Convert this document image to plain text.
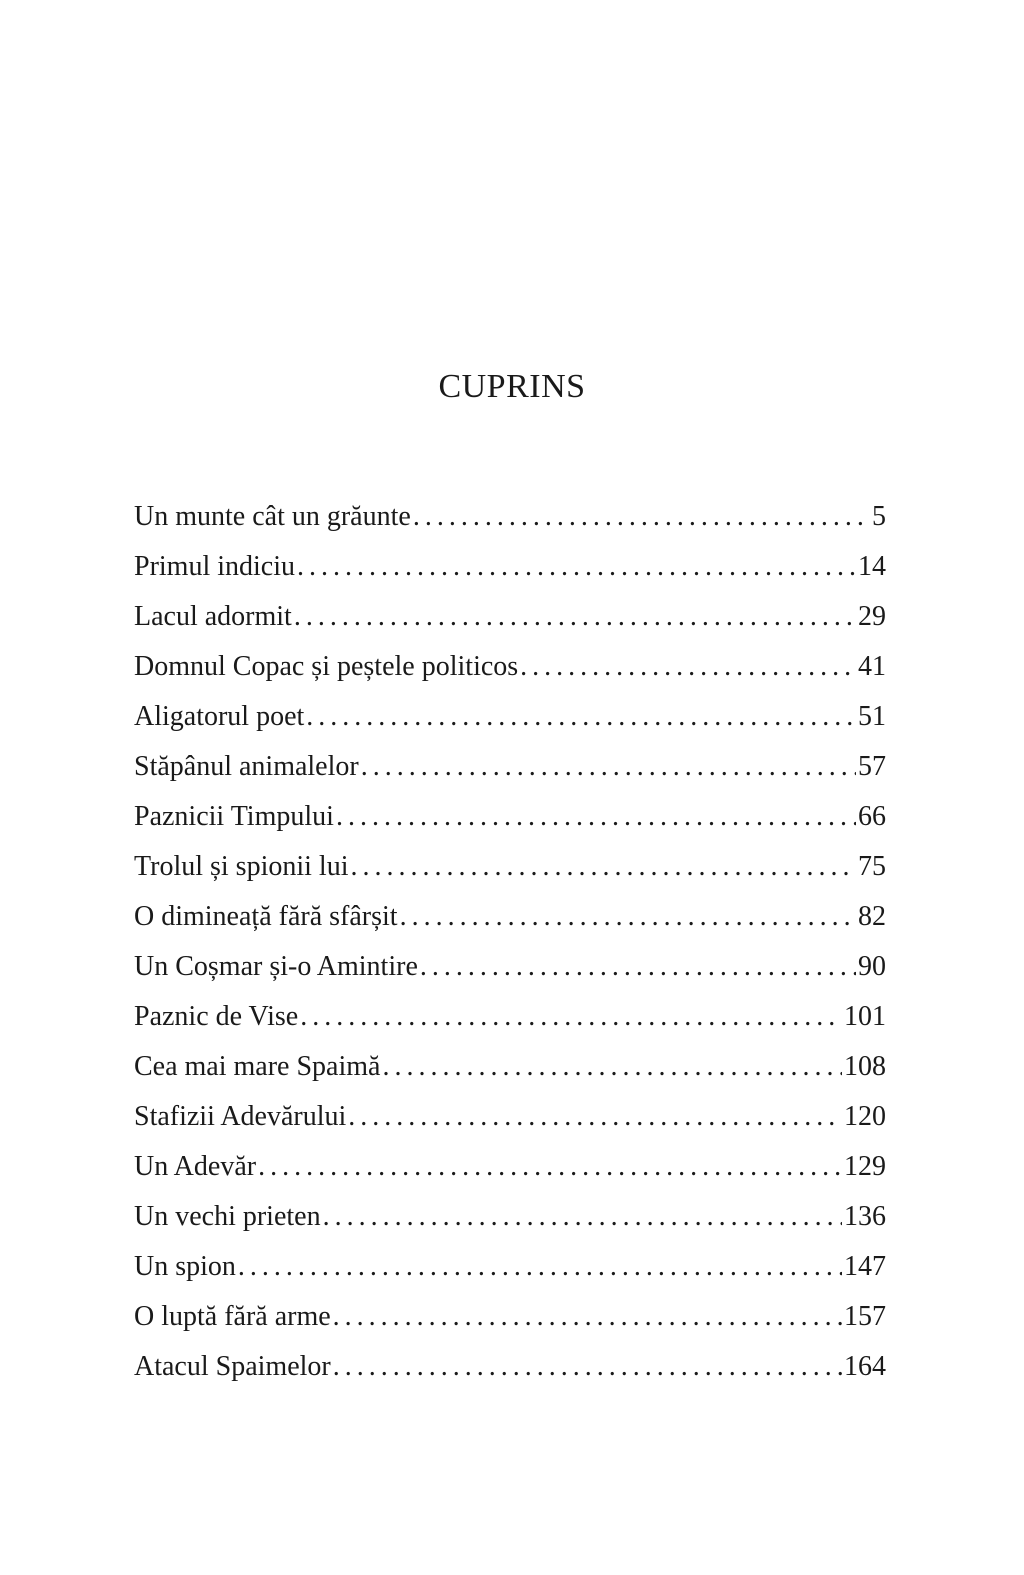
CUPRINS
Un munte cât un grăunte . . .	5
Primul indiciu . . .	14
Lacul adormit . . .	29
Domnul Copac și peștele politicos . . .	41
Aligatorul poet . . .	51
Stăpânul animalelor . . .	57
Paznicii Timpului . . .	66
Trolul și spionii lui . . .	75
O dimineață fără sfârșit . . .	82
Un Coșmar și-o Amintire . . .	90
Paznic de Vise . . .	101
Cea mai mare Spaimă . . .	108
Stafizii Adevărului . . .	120
Un Adevăr . . .	129
Un vechi prieten . . .	136
Un spion . . .	147
O luptă fără arme . . .	157
Atacul Spaimelor . . .	164
